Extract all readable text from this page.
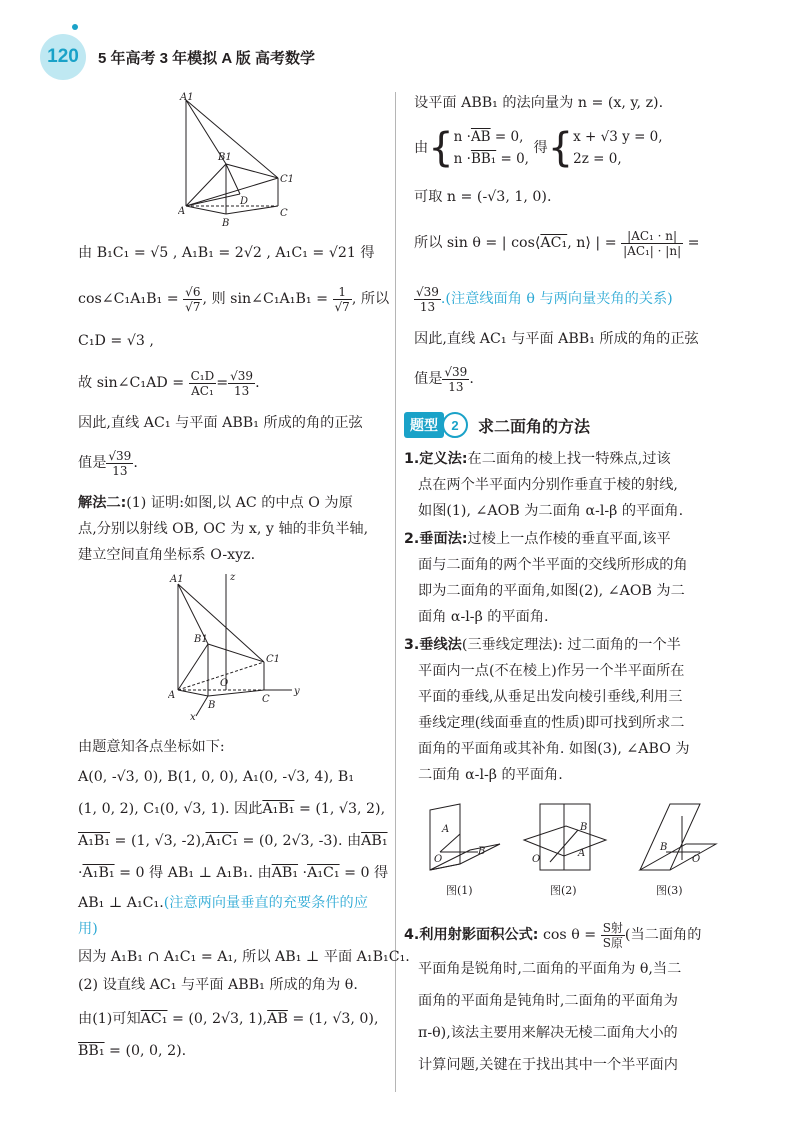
120	5 年高考 3 年模拟 A 版 高考数学
A1
B1
C1
A
B
C
D
由 B₁C₁ = √5 , A₁B₁ = 2√2 , A₁C₁ = √21 得
cos∠C₁A₁B₁ = $\frac{√6}{√7}$ , 则 sin∠C₁A₁B₁ = $\frac{1}{√7}$ , 所以
C₁D = √3 ,
故 sin∠C₁AD = $\frac{\text{C₁D}}{\text{AC₁}} = \frac{√39}{13}$ .
因此,直线 AC₁ 与平面 ABB₁ 所成的角的正弦
值是 $\frac{√39}{13}$ .
解法二:(1) 证明:如图,以 AC 的中点 O 为原
点,分别以射线 OB, OC 为 x, y 轴的非负半轴,
建立空间直角坐标系 O-xyz.
A1	z
B1
C1
O
A
B
C
y
x
由题意知各点坐标如下:
A(0, -√3, 0), B(1, 0, 0), A₁(0, -√3, 4), B₁
(1, 0, 2), C₁(0, √3, 1). 因此A₁B₁ = (1, √3, 2),
A₁B₁ = (1, √3, -2),A₁C₁ = (0, 2√3, -3). 由AB₁
·A₁B₁ = 0 得 AB₁ ⊥ A₁B₁. 由AB₁ ·A₁C₁ = 0 得
AB₁ ⊥ A₁C₁.(注意两向量垂直的充要条件的应
用)
因为 A₁B₁ ∩ A₁C₁ = A₁, 所以 AB₁ ⊥ 平面 A₁B₁C₁.
(2) 设直线 AC₁ 与平面 ABB₁ 所成的角为 θ.
由(1)可知AC₁ = (0, 2√3, $1),\overline{AB} = (1$, √3, 0),
BB₁ = (0, 0, 2).
设平面 ABB₁ 的法向量为 n = (x, y, z).
由{ $n \cdot\overline{AB} = 0$,
n ·BB₁ = 0,
得{ x + √3 y = 0,
2z = 0,
可取 n = (-√3, 1, 0).
所以 sin θ = | cos⟨AC₁, n⟩ | = $\frac{\text{|AC₁ · n|}}{\text{|AC₁| · |n|}}$ =
$\frac{√39}{13}$ .(注意线面角 θ 与两向量夹角的关系)
因此,直线 AC₁ 与平面 ABB₁ 所成的角的正弦
值是 $\frac{√39}{13}$ .
题型	2	求二面角的方法
1.定义法:在二面角的棱上找一特殊点,过该
点在两个半平面内分别作垂直于棱的射线,
如图(1), ∠AOB 为二面角 α-l-β 的平面角.
2.垂面法:过棱上一点作棱的垂直平面,该平
面与二面角的两个半平面的交线所形成的角
即为二面角的平面角,如图(2), ∠AOB 为二
面角 α-l-β 的平面角.
3.垂线法(三垂线定理法): 过二面角的一个半
平面内一点(不在棱上)作另一个半平面所在
平面的垂线,从垂足出发向棱引垂线,利用三
垂线定理(线面垂直的性质)即可找到所求二
面角的平面角或其补角. 如图(3), ∠ABO 为
二面角 α-l-β 的平面角.
A
O
B
O
B
A
B
O
图(1)	图(2)	图(3)
4.利用射影面积公式: $\cos \theta = \frac{\text{S射}}{\text{S原}}$ (当二面角的
平面角是锐角时,二面角的平面角为 θ,当二
面角的平面角是钝角时,二面角的平面角为
π-θ),该法主要用来解决无棱二面角大小的
计算问题,关键在于找出其中一个半平面内
